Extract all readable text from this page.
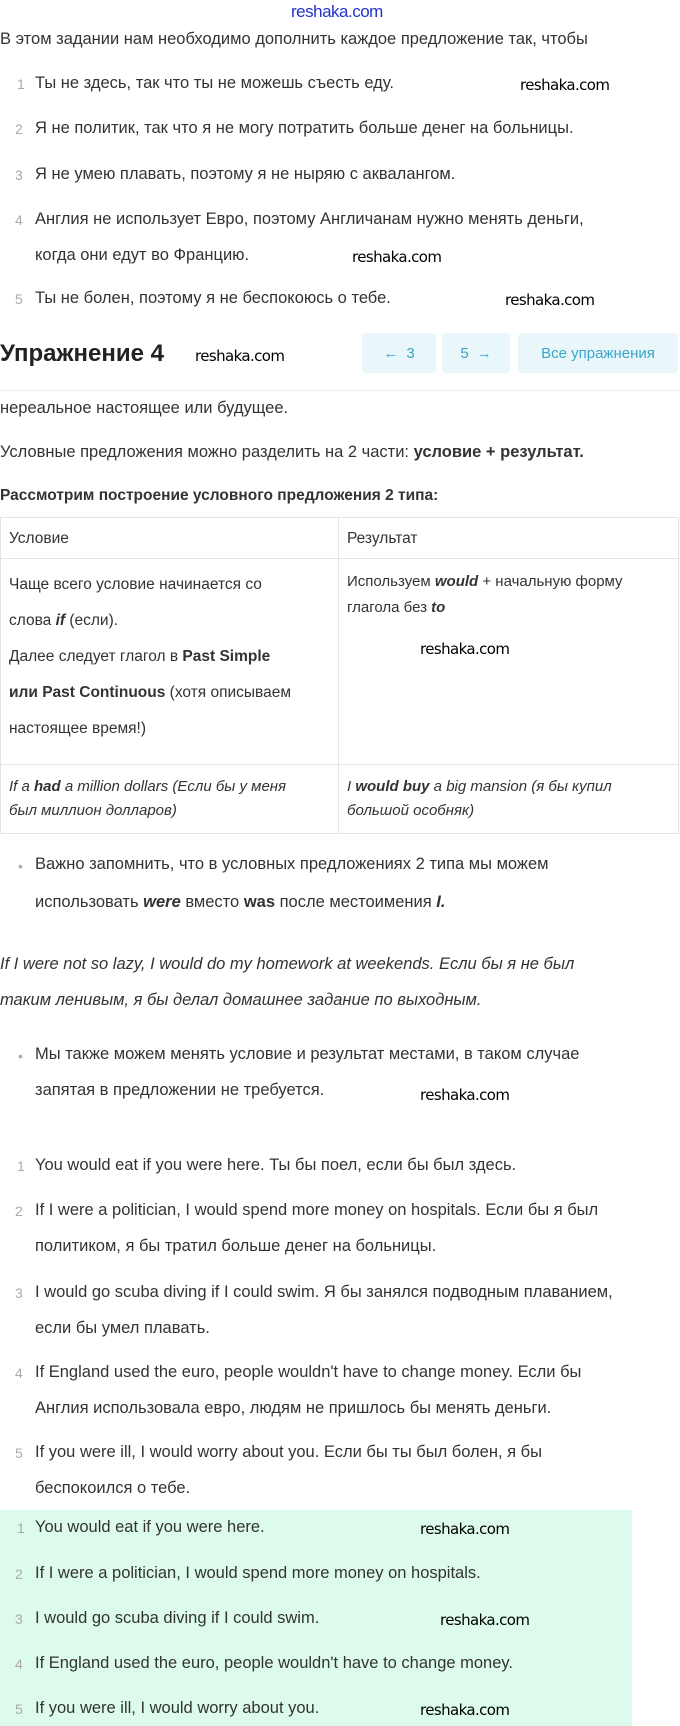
reshaka.com
В этом задании нам необходимо дополнить каждое предложение так, чтобы
1 Ты не здесь, так что ты не можешь съесть еду.
2 Я не политик, так что я не могу потратить больше денег на больницы.
3 Я не умею плавать, поэтому я не ныряю с аквалангом.
4 Англия не использует Евро, поэтому Англичанам нужно менять деньги,
когда они едут во Францию.
5 Ты не болен, поэтому я не беспокоюсь о тебе.
Упражнение 4	← 3	5 →	Все упражнения
нереальное настоящее или будущее.
Условные предложения можно разделить на 2 части: условие + результат.
Рассмотрим построение условного предложения 2 типа:
Условие	Результат
Чаще всего условие начинается со
слова if (если).
Далее следует глагол в Past Simple
или Past Continuous (хотя описываем
настоящее время!)	Используем would + начальную форму
глагола без to
If a had a million dollars (Если бы у меня
был миллион долларов)	I would buy a big mansion (я бы купил
большой особняк)
• Важно запомнить, что в условных предложениях 2 типа мы можем
использовать were вместо was после местоимения I.
If I were not so lazy, I would do my homework at weekends. Если бы я не был
таким ленивым, я бы делал домашнее задание по выходным.
• Мы также можем менять условие и результат местами, в таком случае
запятая в предложении не требуется.
1 You would eat if you were here. Ты бы поел, если бы был здесь.
2 If I were a politician, I would spend more money on hospitals. Если бы я был
политиком, я бы тратил больше денег на больницы.
3 I would go scuba diving if I could swim. Я бы занялся подводным плаванием,
если бы умел плавать.
4 If England used the euro, people wouldn't have to change money. Если бы
Англия использовала евро, людям не пришлось бы менять деньги.
5 If you were ill, I would worry about you. Если бы ты был болен, я бы
беспокоился о тебе.
1 You would eat if you were here.
2 If I were a politician, I would spend more money on hospitals.
3 I would go scuba diving if I could swim.
4 If England used the euro, people wouldn't have to change money.
5 If you were ill, I would worry about you.
reshaka.com
reshaka.com
reshaka.com
reshaka.com
reshaka.com
reshaka.com
reshaka.com
reshaka.com
reshaka.com
